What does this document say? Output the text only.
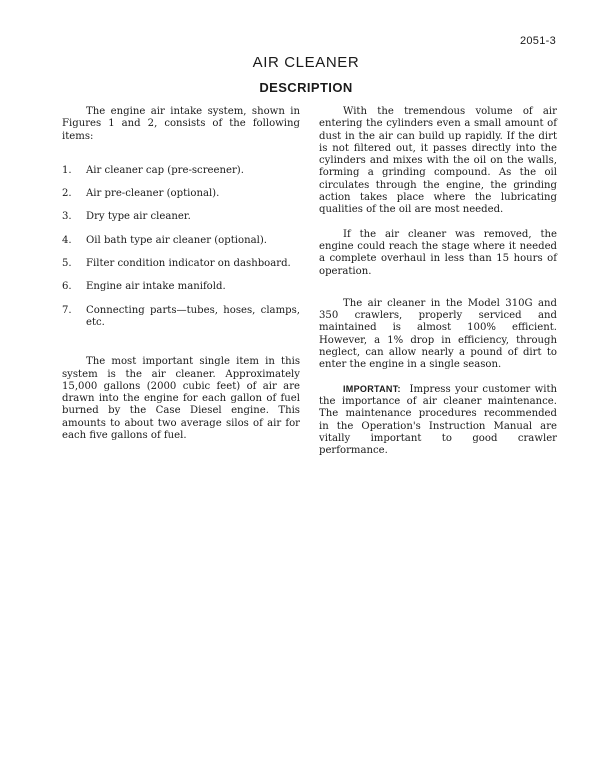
2051-3
AIR CLEANER
DESCRIPTION

The engine air intake system, shown in Figures 1 and 2, consists of the following items:

1.	Air cleaner cap (pre-screener).
2.	Air pre-cleaner (optional).
3.	Dry type air cleaner.
4.	Oil bath type air cleaner (optional).
5.	Filter condition indicator on dashboard.
6.	Engine air intake manifold.
7.	Connecting parts—tubes, hoses, clamps, etc.

The most important single item in this system is the air cleaner. Approximately 15,000 gallons (2000 cubic feet) of air are drawn into the engine for each gallon of fuel burned by the Case Diesel engine. This amounts to about two average silos of air for each five gallons of fuel.

With the tremendous volume of air entering the cylinders even a small amount of dust in the air can build up rapidly. If the dirt is not filtered out, it passes directly into the cylinders and mixes with the oil on the walls, forming a grinding compound. As the oil circulates through the engine, the grinding action takes place where the lubricating qualities of the oil are most needed.

If the air cleaner was removed, the engine could reach the stage where it needed a complete overhaul in less than 15 hours of operation.

The air cleaner in the Model 310G and 350 crawlers, properly serviced and maintained is almost 100% efficient. However, a 1% drop in efficiency, through neglect, can allow nearly a pound of dirt to enter the engine in a single season.

IMPORTANT: Impress your customer with the importance of air cleaner maintenance. The maintenance procedures recommended in the Operation's Instruction Manual are vitally important to good crawler performance.
